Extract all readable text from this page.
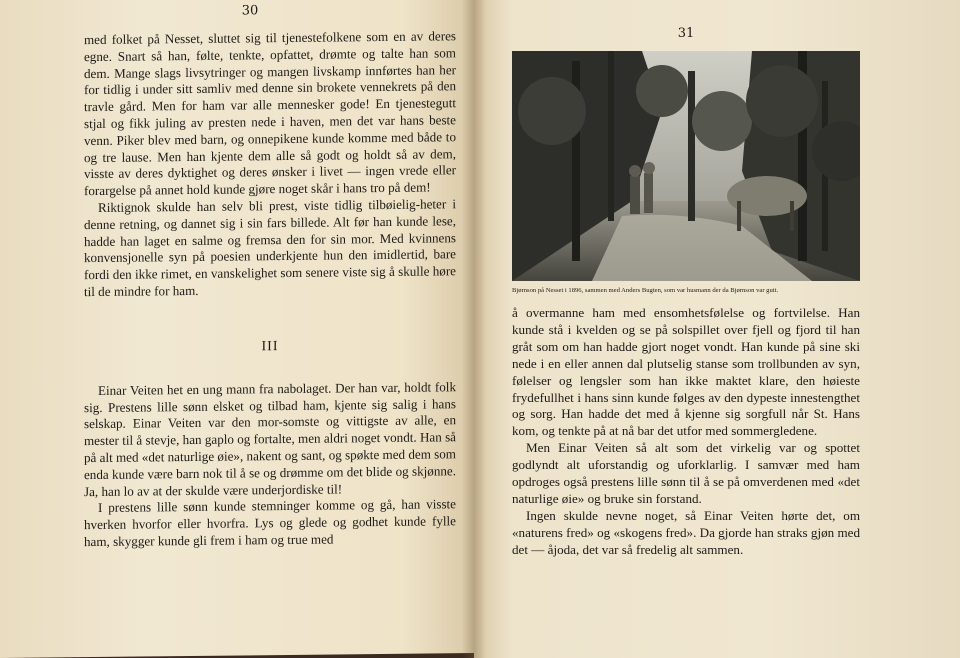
30

med folket på Nesset, sluttet sig til tjenestefolkene som en av deres egne. Snart så han, følte, tenkte, opfattet, drømte og talte han som dem. Mange slags livsytringer og mangen livskamp innførtes han her for tidlig i under sitt samliv med denne sin brokete vennekrets på den travle gård. Men for ham var alle mennesker gode! En tjenestegutt stjal og fikk juling av presten nede i haven, men det var hans beste venn. Piker blev med barn, og onnepikene kunde komme med både to og tre lause. Men han kjente dem alle så godt og holdt så av dem, visste av deres dyktighet og deres ønsker i livet — ingen vrede eller forargelse på annet hold kunde gjøre noget skår i hans tro på dem!

Riktignok skulde han selv bli prest, viste tidlig tilbøielig-heter i denne retning, og dannet sig i sin fars billede. Alt før han kunde lese, hadde han laget en salme og fremsa den for sin mor. Med kvinnens konvensjonelle syn på poesien underkjente hun den imidlertid, bare fordi den ikke rimet, en vanskelighet som senere viste sig å skulle høre til de mindre for ham.

III

Einar Veiten het en ung mann fra nabolaget. Der han var, holdt folk sig. Prestens lille sønn elsket og tilbad ham, kjente sig salig i hans selskap. Einar Veiten var den mor-somste og vittigste av alle, en mester til å stevje, han gaplo og fortalte, men aldri noget vondt. Han så på alt med «det naturlige øie», nakent og sant, og spøkte med dem som enda kunde være barn nok til å se og drømme om det blide og skjønne. Ja, han lo av at der skulde være underjordiske til!

I prestens lille sønn kunde stemninger komme og gå, han visste hverken hvorfor eller hvorfra. Lys og glede og godhet kunde fylle ham, skygger kunde gli frem i ham og true med

31
Bjørnson på Nesset i 1896, sammen med Anders Bugten, som var husmann der da Bjørnson var gutt.

å overmanne ham med ensomhetsfølelse og fortvilelse. Han kunde stå i kvelden og se på solspillet over fjell og fjord til han gråt som om han hadde gjort noget vondt. Han kunde på sine ski nede i en eller annen dal plutselig stanse som trollbunden av syn, følelser og lengsler som han ikke maktet klare, den høieste frydefullhet i hans sinn kunde følges av den dypeste innestengthet og sorg. Han hadde det med å kjenne sig sorgfull når St. Hans kom, og tenkte på at nå bar det utfor med sommergledene.

Men Einar Veiten så alt som det virkelig var og spottet godlyndt alt uforstandig og uforklarlig. I samvær med ham opdroges også prestens lille sønn til å se på omverdenen med «det naturlige øie» og bruke sin forstand.

Ingen skulde nevne noget, så Einar Veiten hørte det, om «naturens fred» og «skogens fred». Da gjorde han straks gjøn med det — åjoda, det var så fredelig alt sammen.
